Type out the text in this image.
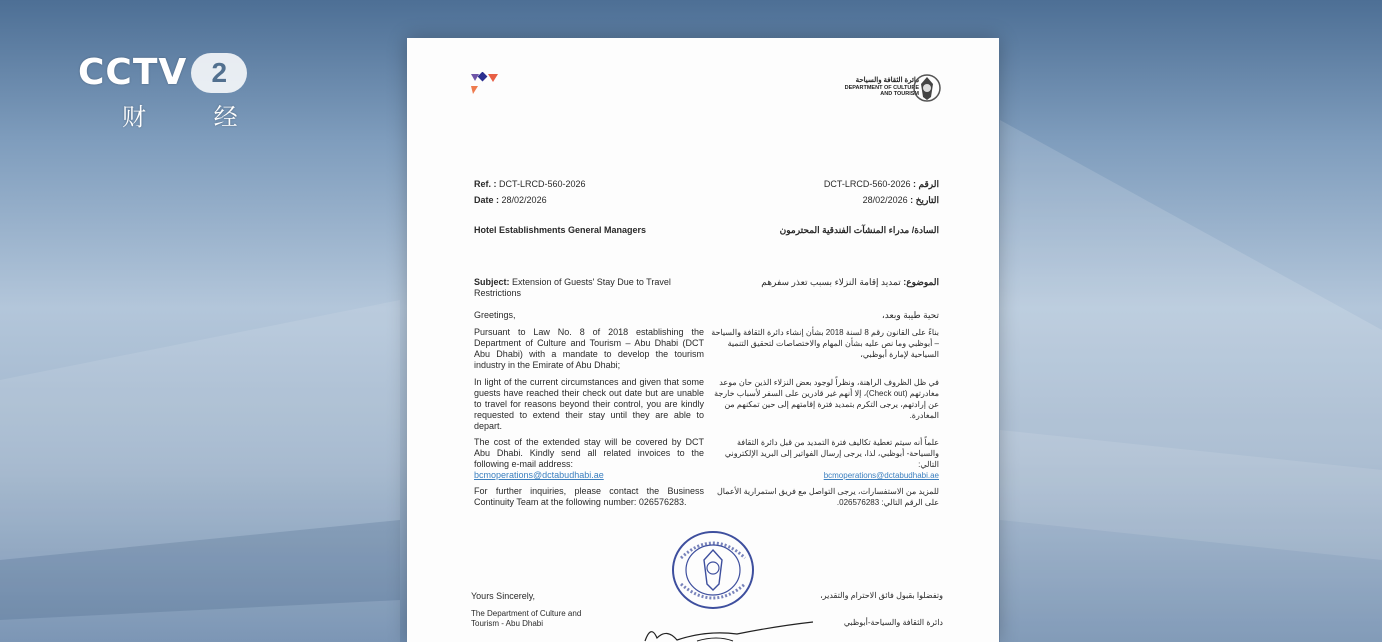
CCTV 2
财 经
دائرة الثقافة والسياحة
DEPARTMENT OF CULTURE
AND TOURISM
Ref. : DCT-LRCD-560-2026
Date : 28/02/2026
DCT-LRCD-560-2026 : الرقم
28/02/2026 : التاريخ
Hotel Establishments General Managers	السادة/ مدراء المنشآت الفندقية المحترمون
Subject: Extension of Guests' Stay Due to Travel Restrictions
الموضوع: تمديد إقامة النزلاء بسبب تعذر سفرهم
Greetings,	تحية طيبة وبعد،
Pursuant to Law No. 8 of 2018 establishing the Department of Culture and Tourism – Abu Dhabi (DCT Abu Dhabi) with a mandate to develop the tourism industry in the Emirate of Abu Dhabi;
In light of the current circumstances and given that some guests have reached their check out date but are unable to travel for reasons beyond their control, you are kindly requested to extend their stay until they are able to depart.
The cost of the extended stay will be covered by DCT Abu Dhabi. Kindly send all related invoices to the following e-mail address:
bcmoperations@dctabudhabi.ae
For further inquiries, please contact the Business Continuity Team at the following number: 026576283.
بناءً على القانون رقم 8 لسنة 2018 بشأن إنشاء دائرة الثقافة والسياحة – أبوظبي وما نص عليه بشأن المهام والاختصاصات لتحقيق التنمية السياحية لإمارة أبوظبي،
في ظل الظروف الراهنة، ونظراً لوجود بعض النزلاء الذين حان موعد مغادرتهم (Check out)، إلا أنهم غير قادرين على السفر لأسباب خارجة عن إرادتهم، يرجى التكرم بتمديد فترة إقامتهم إلى حين تمكنهم من المغادرة.
علماً أنه سيتم تغطية تكاليف فترة التمديد من قبل دائرة الثقافة والسياحة- أبوظبي، لذا، يرجى إرسال الفواتير إلى البريد الإلكتروني التالي:
bcmoperations@dctabudhabi.ae
للمزيد من الاستفسارات، يرجى التواصل مع فريق استمرارية الأعمال على الرقم التالي: 026576283.
Yours Sincerely,
The Department of Culture and Tourism - Abu Dhabi
وتفضلوا بقبول فائق الاحترام والتقدير،
دائرة الثقافة والسياحة-أبوظبي
